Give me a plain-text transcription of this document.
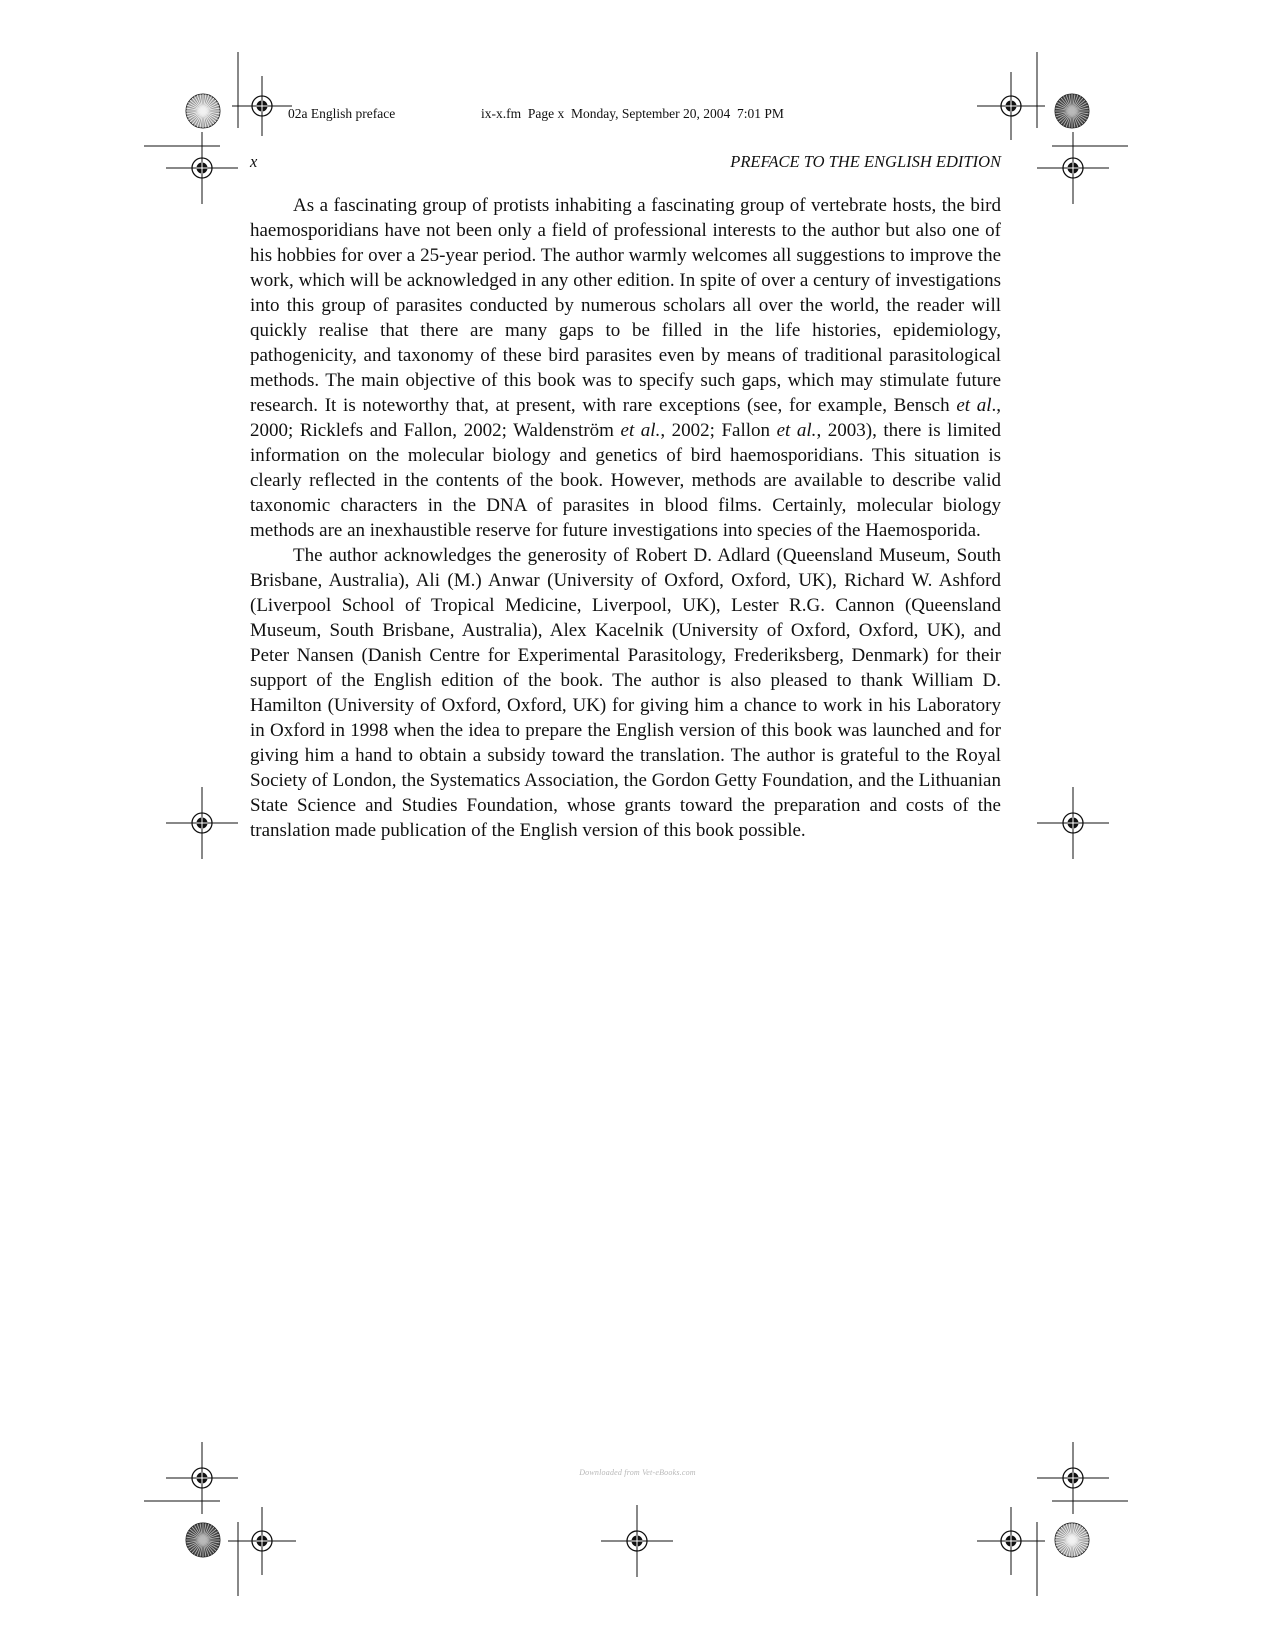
02a English preface	ix-x.fm  Page x  Monday, September 20, 2004  7:01 PM
x	PREFACE TO THE ENGLISH EDITION

As a fascinating group of protists inhabiting a fascinating group of vertebrate hosts, the bird haemosporidians have not been only a field of professional interests to the author but also one of his hobbies for over a 25-year period. The author warmly welcomes all suggestions to improve the work, which will be acknowledged in any other edition. In spite of over a century of investigations into this group of parasites conducted by numerous scholars all over the world, the reader will quickly realise that there are many gaps to be filled in the life histories, epidemiology, pathogenicity, and taxonomy of these bird parasites even by means of traditional parasitological methods. The main objective of this book was to specify such gaps, which may stimulate future research. It is noteworthy that, at present, with rare exceptions (see, for example, Bensch et al., 2000; Ricklefs and Fallon, 2002; Waldenström et al., 2002; Fallon et al., 2003), there is limited information on the molecular biology and genetics of bird haemosporidians. This situation is clearly reflected in the contents of the book. However, methods are available to describe valid taxonomic characters in the DNA of parasites in blood films. Certainly, molecular biology methods are an inexhaustible reserve for future investigations into species of the Haemosporida.

The author acknowledges the generosity of Robert D. Adlard (Queensland Museum, South Brisbane, Australia), Ali (M.) Anwar (University of Oxford, Oxford, UK), Richard W. Ashford (Liverpool School of Tropical Medicine, Liverpool, UK), Lester R.G. Cannon (Queensland Museum, South Brisbane, Australia), Alex Kacelnik (University of Oxford, Oxford, UK), and Peter Nansen (Danish Centre for Experimental Parasitology, Frederiksberg, Denmark) for their support of the English edition of the book. The author is also pleased to thank William D. Hamilton (University of Oxford, Oxford, UK) for giving him a chance to work in his Laboratory in Oxford in 1998 when the idea to prepare the English version of this book was launched and for giving him a hand to obtain a subsidy toward the translation. The author is grateful to the Royal Society of London, the Systematics Association, the Gordon Getty Foundation, and the Lithuanian State Science and Studies Foundation, whose grants toward the preparation and costs of the translation made publication of the English version of this book possible.

Downloaded from Vet-eBooks.com
